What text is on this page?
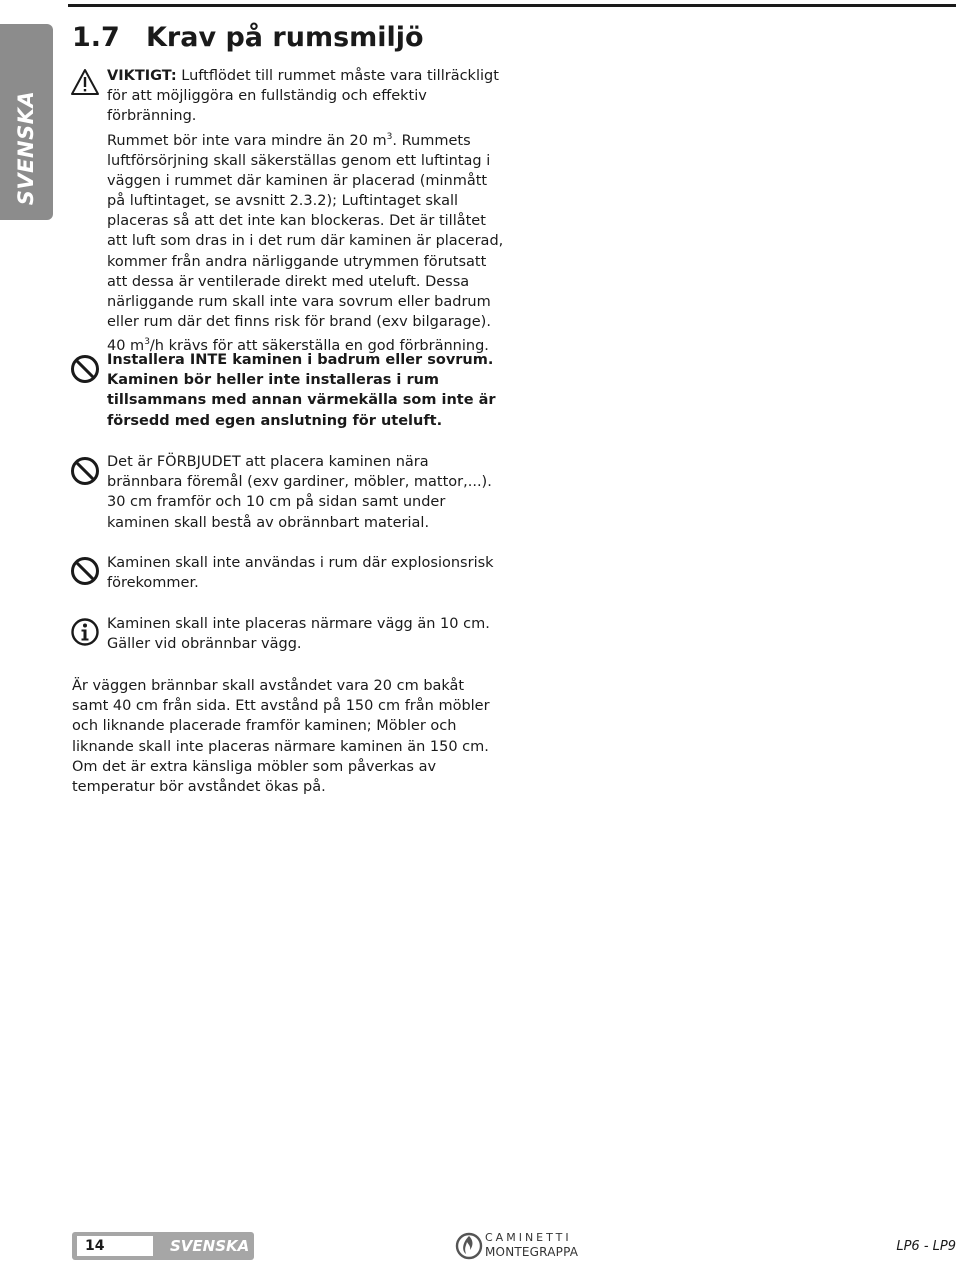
SVENSKA
1.7 Krav på rumsmiljö

VIKTIGT: Luftflödet till rummet måste vara tillräckligt för att möjliggöra en fullständig och effektiv förbränning.

Rummet bör inte vara mindre än 20 $m^3$. Rummets luftförsörjning skall säkerställas genom ett luftintag i väggen i rummet där kaminen är placerad (minmått på luftintaget, se avsnitt 2.3.2); Luftintaget skall placeras så att det inte kan blockeras. Det är tillåtet att luft som dras in i det rum där kaminen är placerad, kommer från andra närliggande utrymmen förutsatt att dessa är ventilerade direkt med uteluft. Dessa närliggande rum skall inte vara sovrum eller badrum eller rum där det finns risk för brand (exv bilgarage).

40 $m^3/h$ krävs för att säkerställa en god förbränning.

Installera INTE kaminen i badrum eller sovrum. Kaminen bör heller inte installeras i rum tillsammans med annan värmekälla som inte är försedd med egen anslutning för uteluft.
Det är FÖRBJUDET att placera kaminen nära brännbara föremål (exv gardiner, möbler, mattor,...). 30 cm framför och 10 cm på sidan samt under kaminen skall bestå av obrännbart material.
Kaminen skall inte användas i rum där explosionsrisk förekommer.
Kaminen skall inte placeras närmare vägg än 10 cm. Gäller vid obrännbar vägg.

Är väggen brännbar skall avståndet vara 20 cm bakåt samt 40 cm från sida. Ett avstånd på 150 cm från möbler och liknande placerade framför kaminen; Möbler och liknande skall inte placeras närmare kaminen än 150 cm. Om det är extra känsliga möbler som påverkas av temperatur bör avståndet ökas på.

14	SVENSKA	CAMINETTI
MONTEGRAPPA	LP6 - LP9
